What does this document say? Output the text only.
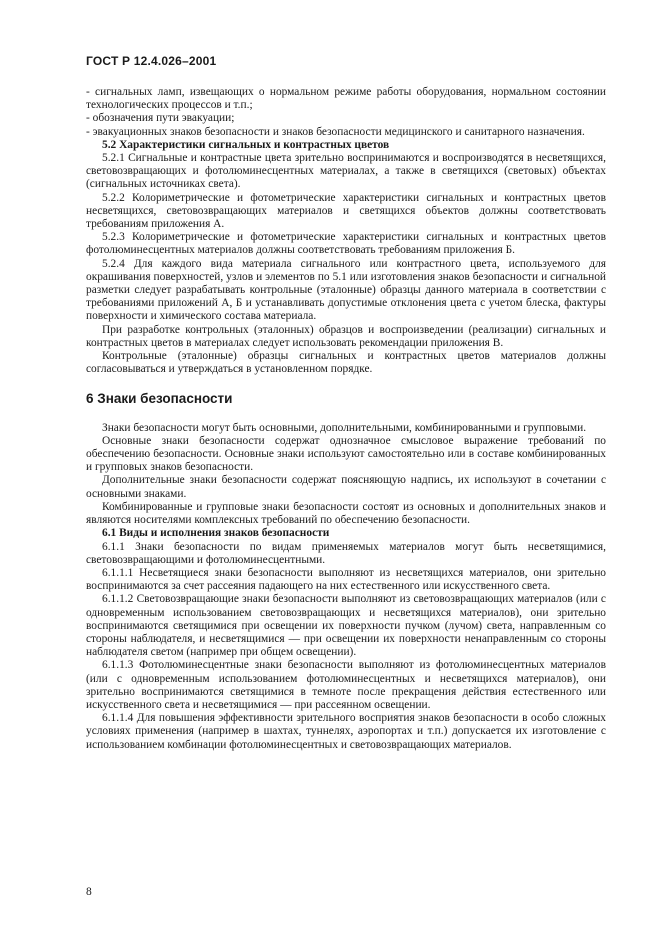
ГОСТ Р 12.4.026–2001

- сигнальных ламп, извещающих о нормальном режиме работы оборудования, нормальном состоянии технологических процессов и т.п.;

- обозначения пути эвакуации;

- эвакуационных знаков безопасности и знаков безопасности медицинского и санитарного назначения.

5.2 Характеристики сигнальных и контрастных цветов

5.2.1 Сигнальные и контрастные цвета зрительно воспринимаются и воспроизводятся в несветящихся, световозвращающих и фотолюминесцентных материалах, а также в светящихся (световых) объектах (сигнальных источниках света).

5.2.2 Колориметрические и фотометрические характеристики сигнальных и контрастных цветов несветящихся, световозвращающих материалов и светящихся объектов должны соответствовать требованиям приложения А.

5.2.3 Колориметрические и фотометрические характеристики сигнальных и контрастных цветов фотолюминесцентных материалов должны соответствовать требованиям приложения Б.

5.2.4 Для каждого вида материала сигнального или контрастного цвета, используемого для окрашивания поверхностей, узлов и элементов по 5.1 или изготовления знаков безопасности и сигнальной разметки следует разрабатывать контрольные (эталонные) образцы данного материала в соответствии с требованиями приложений А, Б и устанавливать допустимые отклонения цвета с учетом блеска, фактуры поверхности и химического состава материала.

При разработке контрольных (эталонных) образцов и воспроизведении (реализации) сигнальных и контрастных цветов в материалах следует использовать рекомендации приложения В.

Контрольные (эталонные) образцы сигнальных и контрастных цветов материалов должны согласовываться и утверждаться в установленном порядке.

6 Знаки безопасности

Знаки безопасности могут быть основными, дополнительными, комбинированными и групповыми.

Основные знаки безопасности содержат однозначное смысловое выражение требований по обеспечению безопасности. Основные знаки используют самостоятельно или в составе комбинированных и групповых знаков безопасности.

Дополнительные знаки безопасности содержат поясняющую надпись, их используют в сочетании с основными знаками.

Комбинированные и групповые знаки безопасности состоят из основных и дополнительных знаков и являются носителями комплексных требований по обеспечению безопасности.

6.1 Виды и исполнения знаков безопасности

6.1.1 Знаки безопасности по видам применяемых материалов могут быть несветящимися, световозвращающими и фотолюминесцентными.

6.1.1.1 Несветящиеся знаки безопасности выполняют из несветящихся материалов, они зрительно воспринимаются за счет рассеяния падающего на них естественного или искусственного света.

6.1.1.2 Световозвращающие знаки безопасности выполняют из световозвращающих материалов (или с одновременным использованием световозвращающих и несветящихся материалов), они зрительно воспринимаются светящимися при освещении их поверхности пучком (лучом) света, направленным со стороны наблюдателя, и несветящимися — при освещении их поверхности ненаправленным со стороны наблюдателя светом (например при общем освещении).

6.1.1.3 Фотолюминесцентные знаки безопасности выполняют из фотолюминесцентных материалов (или с одновременным использованием фотолюминесцентных и несветящихся материалов), они зрительно воспринимаются светящимися в темноте после прекращения действия естественного или искусственного света и несветящимися — при рассеянном освещении.

6.1.1.4 Для повышения эффективности зрительного восприятия знаков безопасности в особо сложных условиях применения (например в шахтах, туннелях, аэропортах и т.п.) допускается их изготовление с использованием комбинации фотолюминесцентных и световозвращающих материалов.

8
